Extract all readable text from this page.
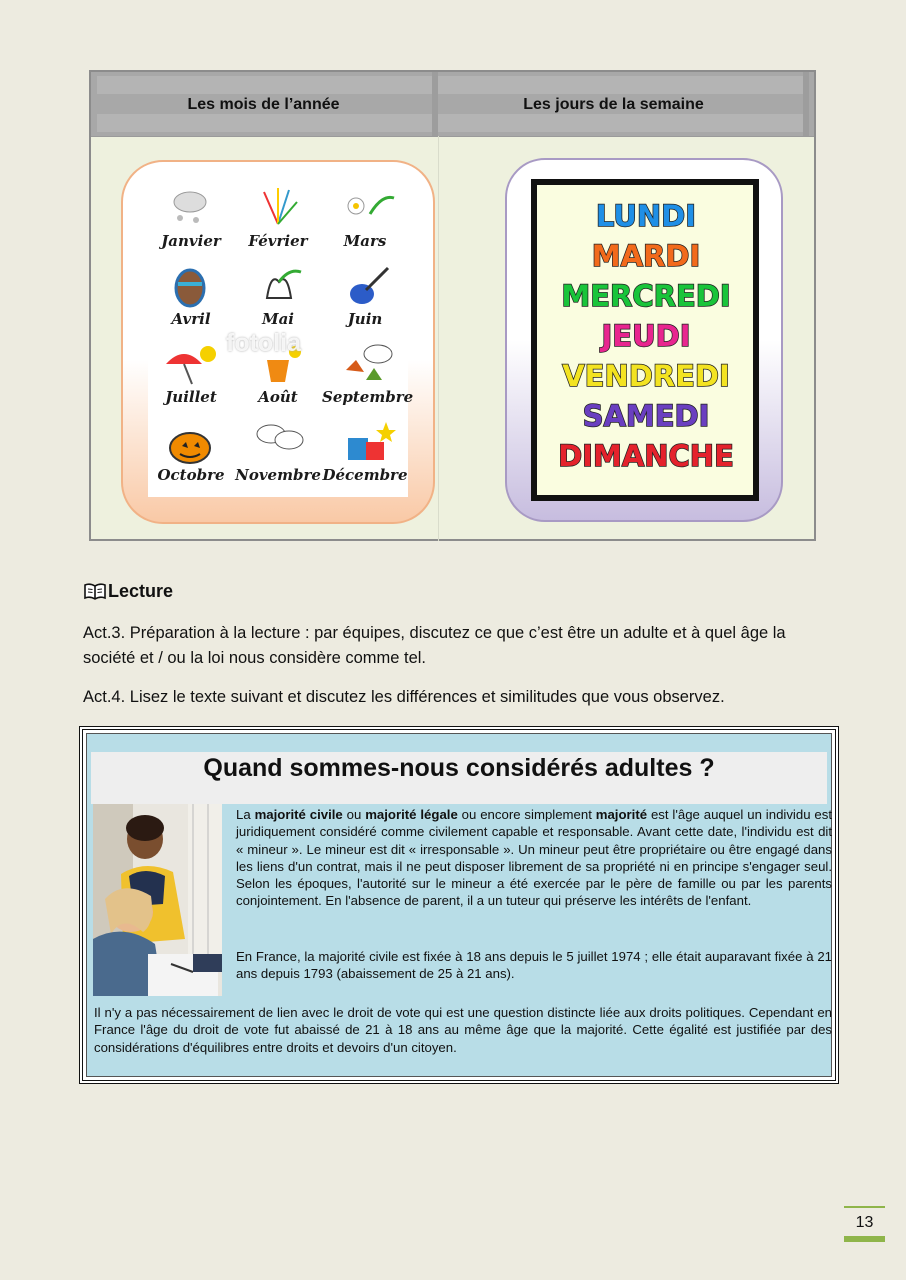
Les mois de l’année	Les jours de la semaine
Janvier	Février	Mars
Avril	Mai	Juin
Juillet	Août	Septembre
Octobre Novembre Décembre
fotolia
LUNDI
MARDI
MERCREDI
JEUDI
VENDREDI
SAMEDI
DIMANCHE
Lecture
Act.3. Préparation à la lecture : par équipes, discutez ce que c’est être un adulte et à quel âge la société et / ou la loi nous considère comme tel.
Act.4. Lisez le texte suivant et discutez les différences et similitudes que vous observez.
Quand sommes-nous considérés adultes ?
La majorité civile ou majorité légale ou encore simplement majorité est l'âge auquel un individu est juridiquement considéré comme civilement capable et responsable. Avant cette date, l'individu est dit « mineur ». Le mineur est dit « irresponsable ». Un mineur peut être propriétaire ou être engagé dans les liens d'un contrat, mais il ne peut disposer librement de sa propriété ni en principe s'engager seul. Selon les époques, l'autorité sur le mineur a été exercée par le père de famille ou par les parents conjointement. En l'absence de parent, il a un tuteur qui préserve les intérêts de l'enfant.
En France, la majorité civile est fixée à 18 ans depuis le 5 juillet 1974 ; elle était auparavant fixée à 21 ans depuis 1793 (abaissement de 25 à 21 ans).
Il n'y a pas nécessairement de lien avec le droit de vote qui est une question distincte liée aux droits politiques. Cependant en France l'âge du droit de vote fut abaissé de 21 à 18 ans au même âge que la majorité. Cette égalité est justifiée par des considérations d'équilibres entre droits et devoirs d'un citoyen.
13
